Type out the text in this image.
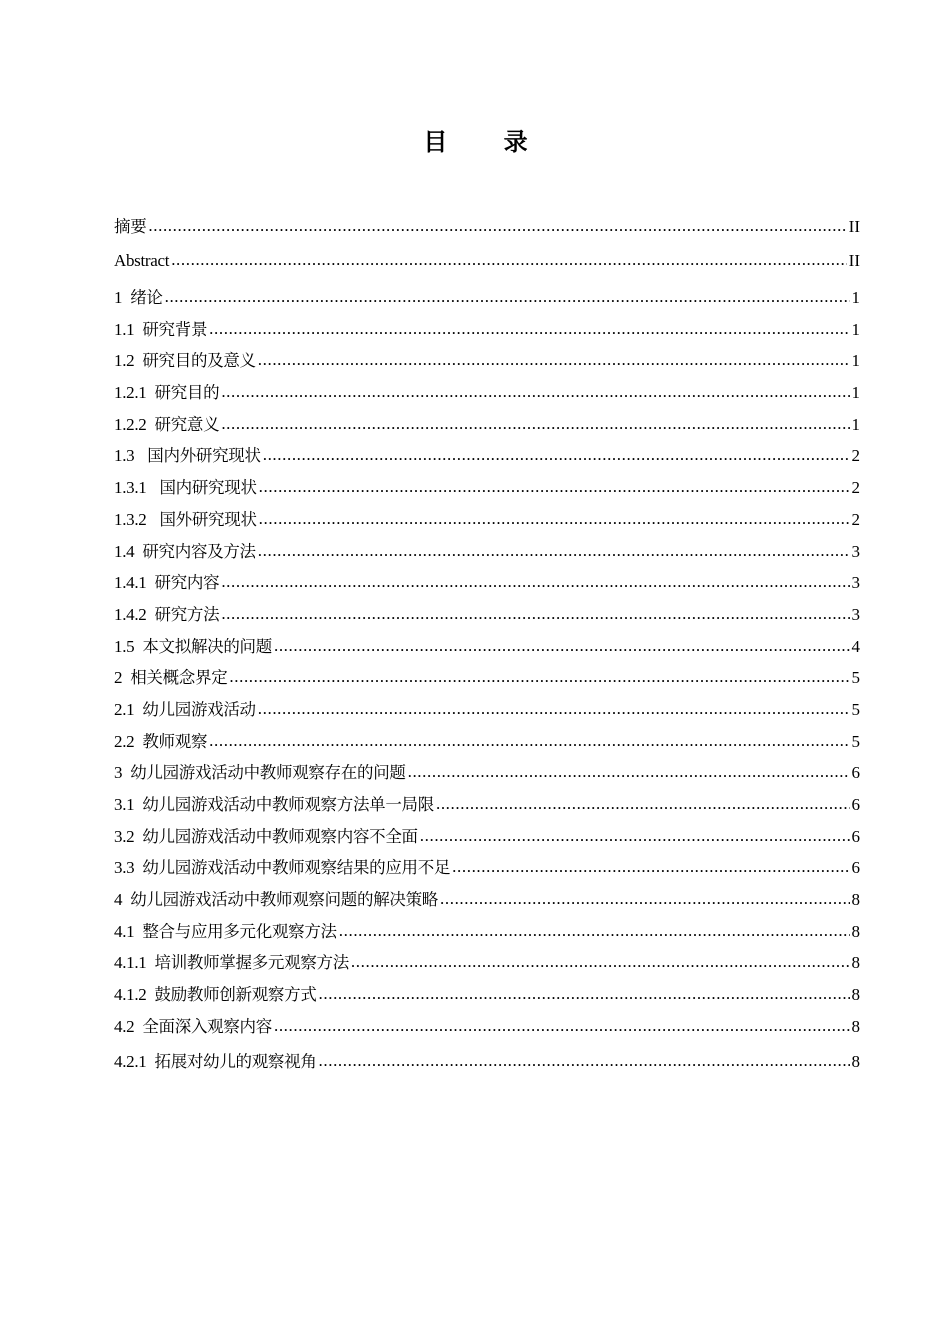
目 录
摘要 .....	II
Abstract .....	II
1 绪论 .....	1
1.1 研究背景 .....	1
1.2 研究目的及意义 .....	1
1.2.1 研究目的 .....	1
1.2.2 研究意义 .....	1
1.3 国内外研究现状 .....	2
1.3.1 国内研究现状 .....	2
1.3.2 国外研究现状 .....	2
1.4 研究内容及方法 .....	3
1.4.1 研究内容 .....	3
1.4.2 研究方法 .....	3
1.5 本文拟解决的问题 .....	4
2 相关概念界定 .....	5
2.1 幼儿园游戏活动 .....	5
2.2 教师观察 .....	5
3 幼儿园游戏活动中教师观察存在的问题 .....	6
3.1 幼儿园游戏活动中教师观察方法单一局限 .....	6
3.2 幼儿园游戏活动中教师观察内容不全面 .....	6
3.3 幼儿园游戏活动中教师观察结果的应用不足 .....	6
4 幼儿园游戏活动中教师观察问题的解决策略 .....	8
4.1 整合与应用多元化观察方法 .....	8
4.1.1 培训教师掌握多元观察方法 .....	8
4.1.2 鼓励教师创新观察方式 .....	8
4.2 全面深入观察内容 .....	8
4.2.1 拓展对幼儿的观察视角 .....	8
